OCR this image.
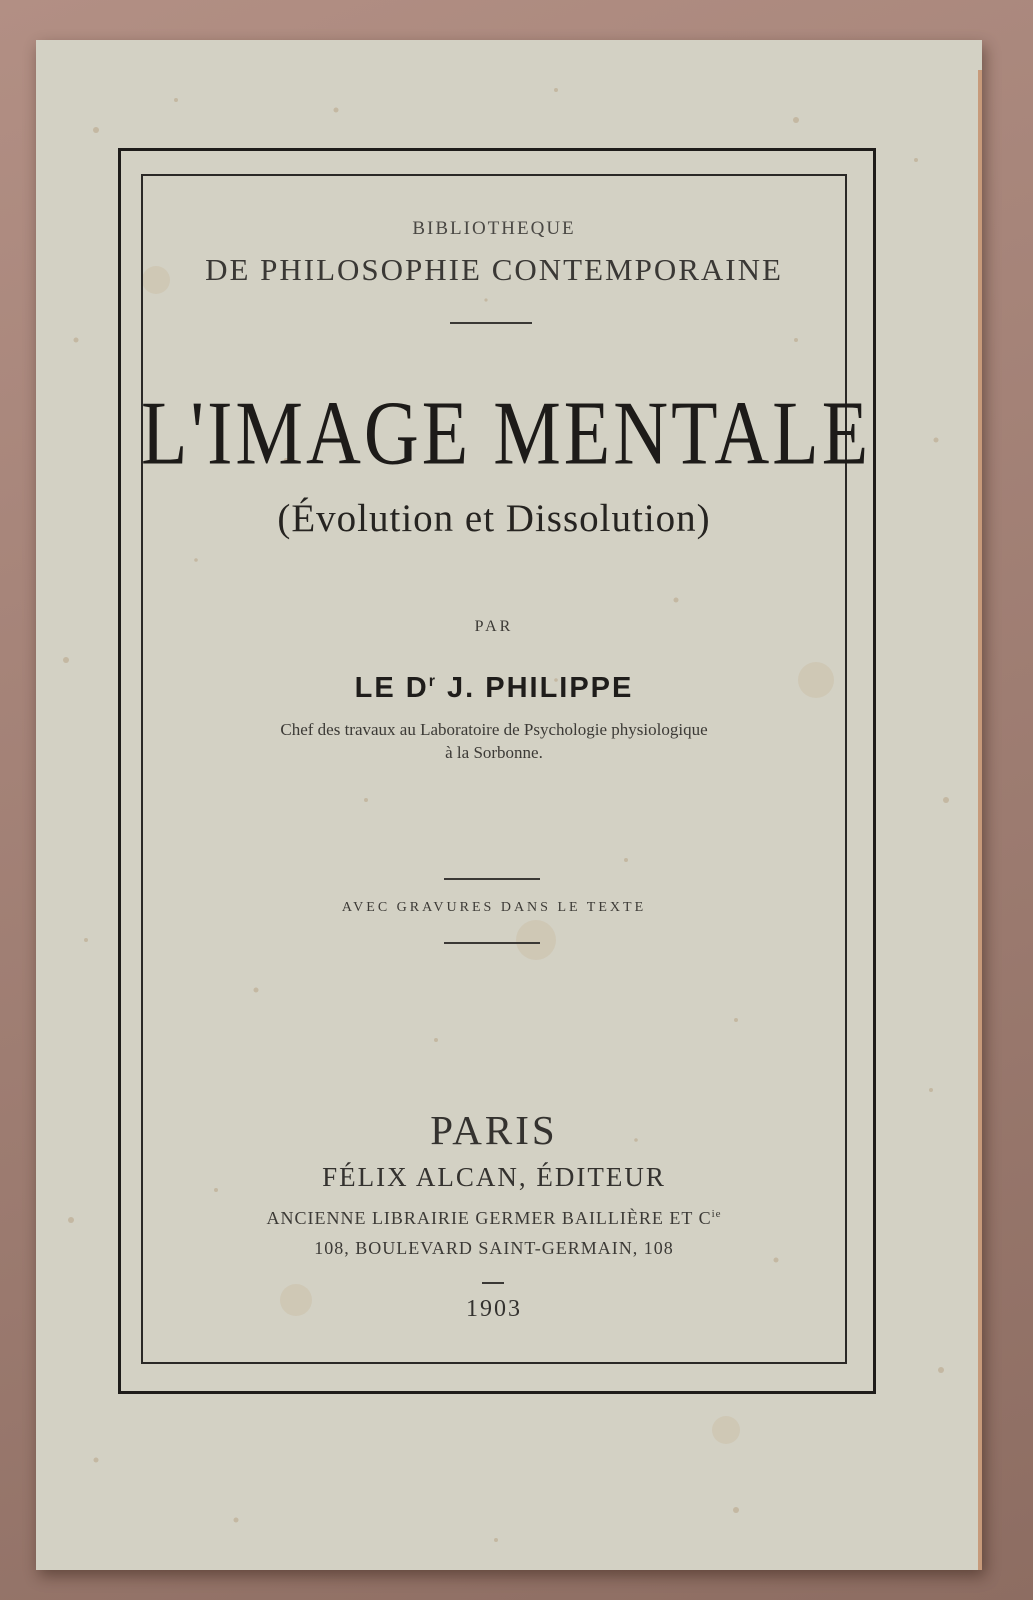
BIBLIOTHEQUE
DE PHILOSOPHIE CONTEMPORAINE
L'IMAGE MENTALE
(Évolution et Dissolution)
PAR
LE $D^r$ J. PHILIPPE
Chef des travaux au Laboratoire de Psychologie physiologique
à la Sorbonne.
AVEC GRAVURES DANS LE TEXTE
PARIS
FÉLIX ALCAN, ÉDITEUR
ANCIENNE LIBRAIRIE GERMER BAILLIÈRE ET $C^{ie}$
108, BOULEVARD SAINT-GERMAIN, 108
1903
